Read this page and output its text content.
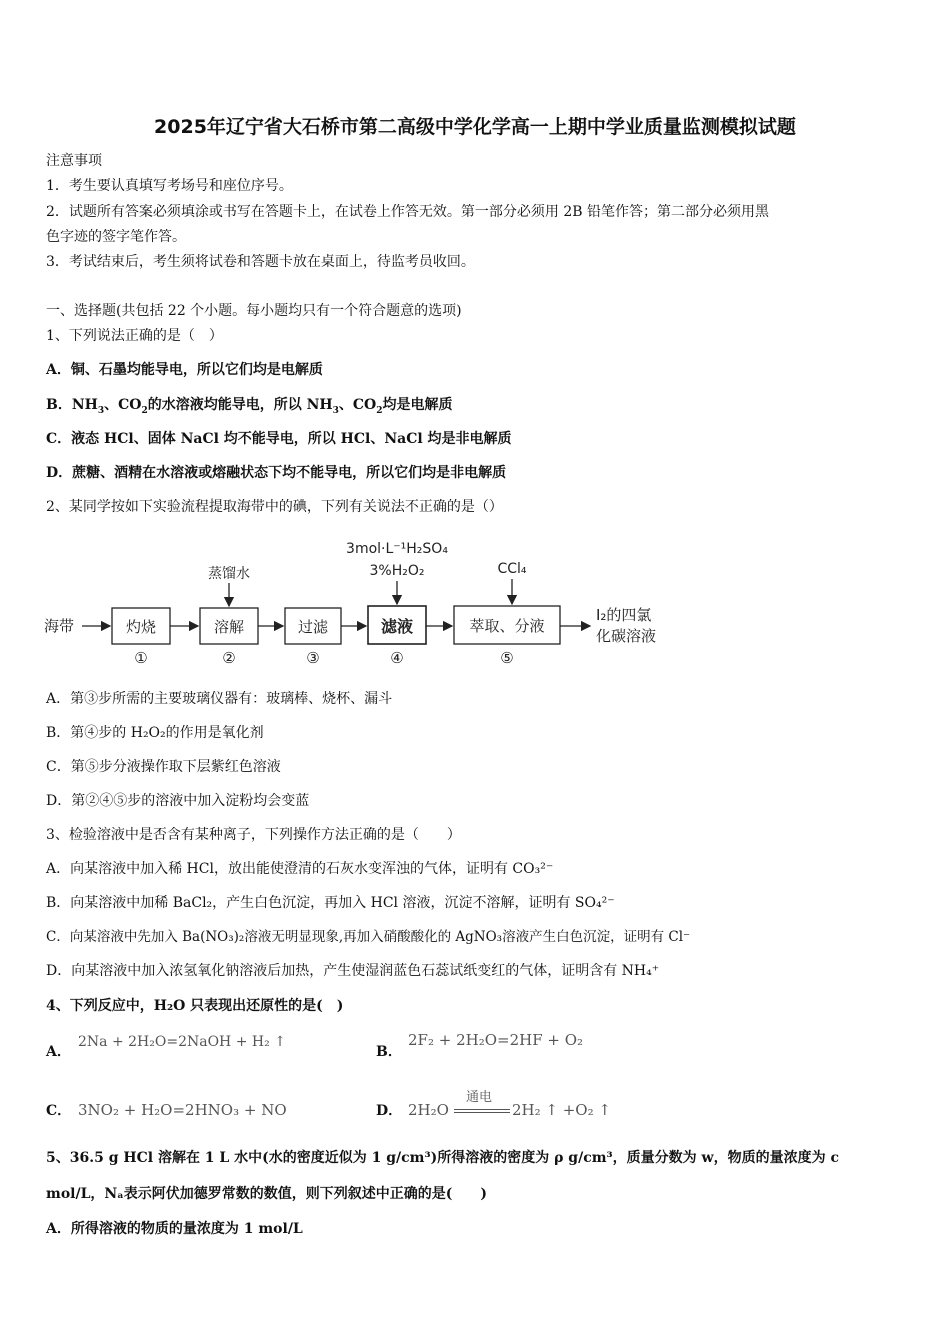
2025年辽宁省大石桥市第二高级中学化学高一上期中学业质量监测模拟试题
注意事项
1．考生要认真填写考场号和座位序号。
2．试题所有答案必须填涂或书写在答题卡上，在试卷上作答无效。第一部分必须用 2B 铅笔作答；第二部分必须用黑
色字迹的签字笔作答。
3．考试结束后，考生须将试卷和答题卡放在桌面上，待监考员收回。
一、选择题(共包括 22 个小题。每小题均只有一个符合题意的选项)
1、下列说法正确的是（　）
A．铜、石墨均能导电，所以它们均是电解质
B．$NH_3$、$CO_2$的水溶液均能导电，所以 $NH_3$、$CO_2$均是电解质
C．液态 HCl、固体 NaCl 均不能导电，所以 HCl、NaCl 均是非电解质
D．蔗糖、酒精在水溶液或熔融状态下均不能导电，所以它们均是非电解质
2、某同学按如下实验流程提取海带中的碘，下列有关说法不正确的是（）
海带	灼烧	溶解	过滤	滤液	萃取、分液
I₂的四氯
化碳溶液
蒸馏水
3mol·L⁻¹H₂SO₄
3%H₂O₂	CCl₄
①	②	③	④	⑤
A．第③步所需的主要玻璃仪器有：玻璃棒、烧杯、漏斗
B．第④步的 H₂O₂的作用是氧化剂
C．第⑤步分液操作取下层紫红色溶液
D．第②④⑤步的溶液中加入淀粉均会变蓝
3、检验溶液中是否含有某种离子，下列操作方法正确的是（　　）
A．向某溶液中加入稀 HCl，放出能使澄清的石灰水变浑浊的气体，证明有 CO₃²⁻
B．向某溶液中加稀 BaCl₂，产生白色沉淀，再加入 HCl 溶液，沉淀不溶解，证明有 SO₄²⁻
C．向某溶液中先加入 Ba(NO₃)₂溶液无明显现象,再加入硝酸酸化的 AgNO₃溶液产生白色沉淀，证明有 Cl⁻
D．向某溶液中加入浓氢氧化钠溶液后加热，产生使湿润蓝色石蕊试纸变红的气体，证明含有 NH₄⁺
4、下列反应中，H₂O 只表现出还原性的是(　)
A．
2Na + 2H₂O=2NaOH + H₂ ↑
B．
2F₂ + 2H₂O=2HF + O₂
C． 3NO₂ + H₂O=2HNO₃ + NO	D． 2H₂O
通电
2H₂ ↑ +O₂ ↑
5、36.5 g HCl 溶解在 1 L 水中(水的密度近似为 1 g/cm³)所得溶液的密度为 ρ g/cm³，质量分数为 w，物质的量浓度为 c
mol/L，Nₐ表示阿伏加德罗常数的数值，则下列叙述中正确的是(　　)
A．所得溶液的物质的量浓度为 1 mol/L
